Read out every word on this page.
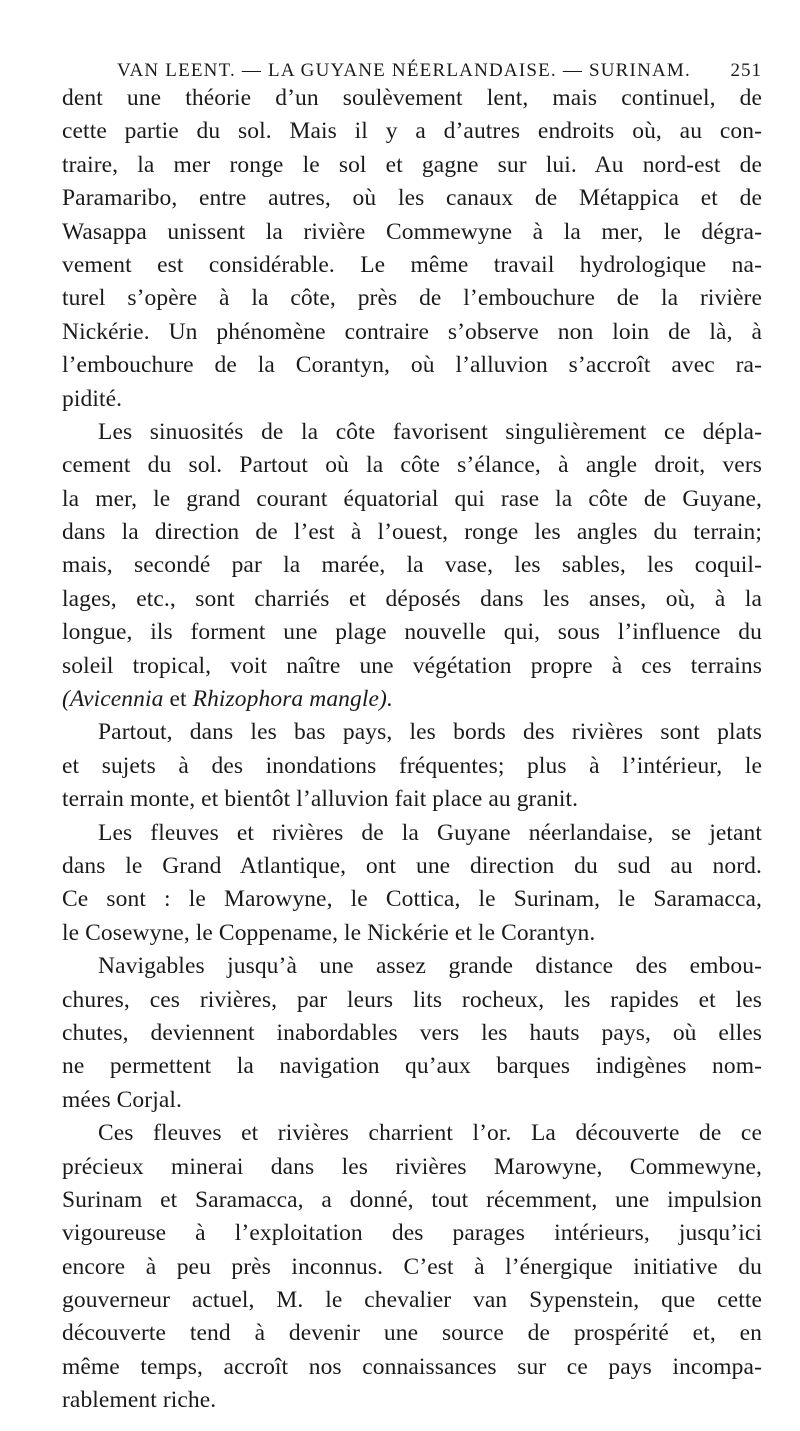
VAN LEENT. — LA GUYANE NÉERLANDAISE. — SURINAM. 251

dent une théorie d’un soulèvement lent, mais continuel, de
cette partie du sol. Mais il y a d’autres endroits où, au con-
traire, la mer ronge le sol et gagne sur lui. Au nord-est de
Paramaribo, entre autres, où les canaux de Métappica et de
Wasappa unissent la rivière Commewyne à la mer, le dégra-
vement est considérable. Le même travail hydrologique na-
turel s’opère à la côte, près de l’embouchure de la rivière
Nickérie. Un phénomène contraire s’observe non loin de là, à
l’embouchure de la Corantyn, où l’alluvion s’accroît avec ra-
pidité.

Les sinuosités de la côte favorisent singulièrement ce dépla-
cement du sol. Partout où la côte s’élance, à angle droit, vers
la mer, le grand courant équatorial qui rase la côte de Guyane,
dans la direction de l’est à l’ouest, ronge les angles du terrain;
mais, secondé par la marée, la vase, les sables, les coquil-
lages, etc., sont charriés et déposés dans les anses, où, à la
longue, ils forment une plage nouvelle qui, sous l’influence du
soleil tropical, voit naître une végétation propre à ces terrains
(Avicennia et Rhizophora mangle).

Partout, dans les bas pays, les bords des rivières sont plats
et sujets à des inondations fréquentes; plus à l’intérieur, le
terrain monte, et bientôt l’alluvion fait place au granit.

Les fleuves et rivières de la Guyane néerlandaise, se jetant
dans le Grand Atlantique, ont une direction du sud au nord.
Ce sont : le Marowyne, le Cottica, le Surinam, le Saramacca,
le Cosewyne, le Coppename, le Nickérie et le Corantyn.

Navigables jusqu’à une assez grande distance des embou-
chures, ces rivières, par leurs lits rocheux, les rapides et les
chutes, deviennent inabordables vers les hauts pays, où elles
ne permettent la navigation qu’aux barques indigènes nom-
mées Corjal.

Ces fleuves et rivières charrient l’or. La découverte de ce
précieux minerai dans les rivières Marowyne, Commewyne,
Surinam et Saramacca, a donné, tout récemment, une impulsion
vigoureuse à l’exploitation des parages intérieurs, jusqu’ici
encore à peu près inconnus. C’est à l’énergique initiative du
gouverneur actuel, M. le chevalier van Sypenstein, que cette
découverte tend à devenir une source de prospérité et, en
même temps, accroît nos connaissances sur ce pays incompa-
rablement riche.
